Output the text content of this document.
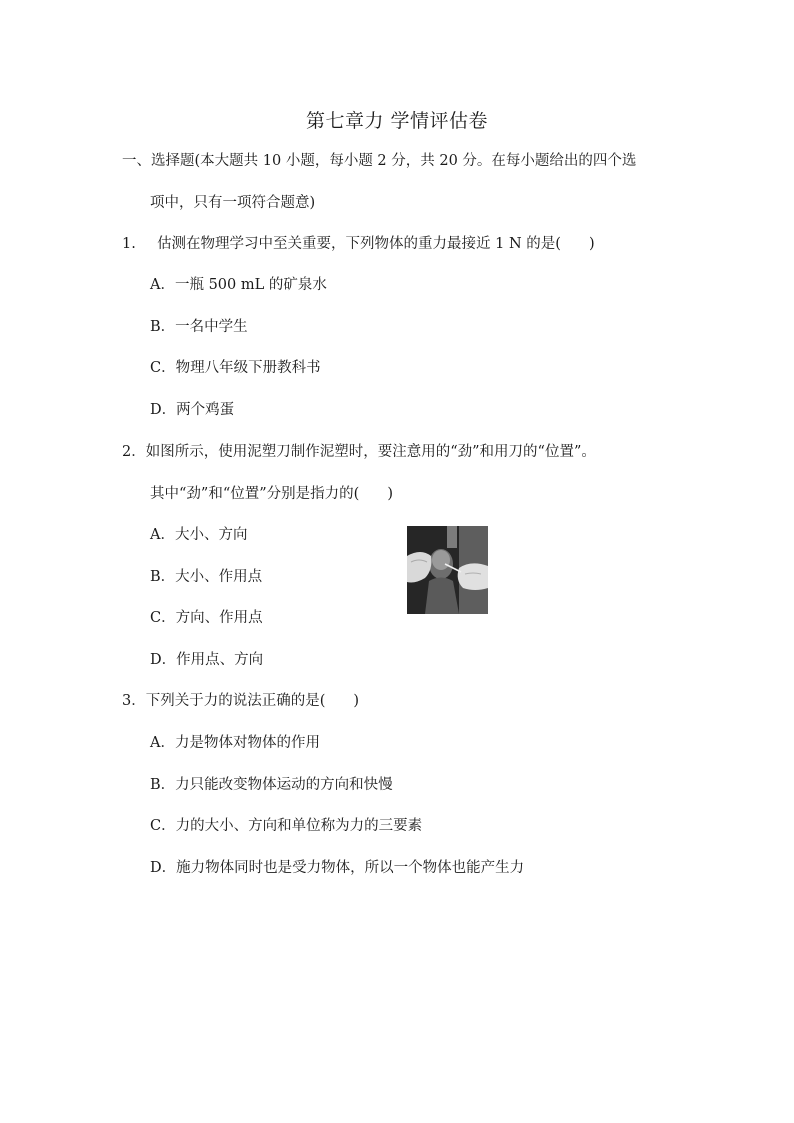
第七章力 学情评估卷
一、选择题(本大题共 10 小题，每小题 2 分，共 20 分。在每小题给出的四个选
项中，只有一项符合题意)
1. 估测在物理学习中至关重要，下列物体的重力最接近 1 N 的是( )
A．一瓶 500 mL 的矿泉水
B．一名中学生
C．物理八年级下册教科书
D．两个鸡蛋
2．如图所示，使用泥塑刀制作泥塑时，要注意用的“劲”和用刀的“位置”。
其中“劲”和“位置”分别是指力的( )
A．大小、方向
B．大小、作用点
C．方向、作用点
D．作用点、方向
3．下列关于力的说法正确的是( )
A．力是物体对物体的作用
B．力只能改变物体运动的方向和快慢
C．力的大小、方向和单位称为力的三要素
D．施力物体同时也是受力物体，所以一个物体也能产生力
